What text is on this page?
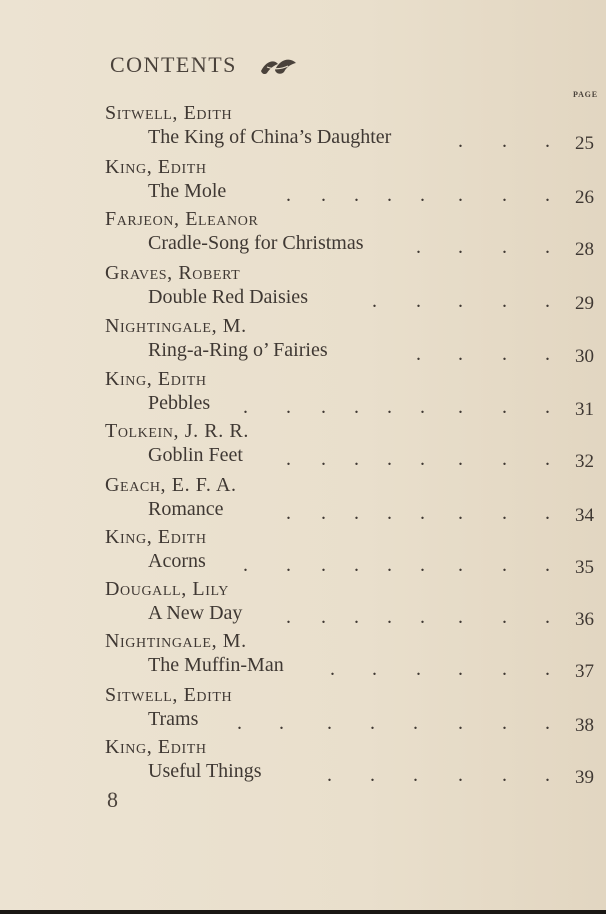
CONTENTS
PAGE
Sitwell, Edith
The King of China’s Daughter	. . . 25
King, Edith
The Mole	. . . . . . . . 26
Farjeon, Eleanor
Cradle-Song for Christmas	. . . . 28
Graves, Robert
Double Red Daisies	. . . . . 29
Nightingale, M.
Ring-a-Ring o’ Fairies	. . . . 30
King, Edith
Pebbles . . . . . . . . . 31
Tolkein, J. R. R.
Goblin Feet . . . . . . . . 32
Geach, E. F. A.
Romance	. . . . . . . . 34
King, Edith
Acorns . . . . . . . . . 35
Dougall, Lily
A New Day . . . . . . . . 36
Nightingale, M.
The Muffin-Man . . . . . . 37
Sitwell, Edith
Trams . . . . . . . . 38
King, Edith
Useful Things	. . . . . . 39
8
